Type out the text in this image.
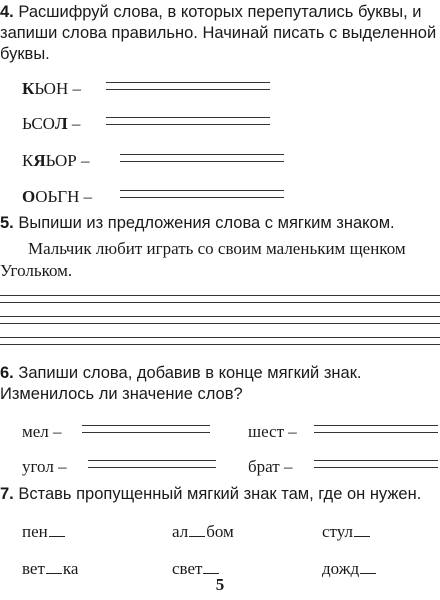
4. Расшифруй слова, в которых перепутались буквы, и запиши слова правильно. Начинай писать с выделенной буквы.
КЬОН –
ЬСОЛ –
КЯЬОР –
ООЬГН –
5. Выпиши из предложения слова с мягким знаком.
Мальчик любит играть со своим маленьким щенком Угольком.
6. Запиши слова, добавив в конце мягкий знак. Изменилось ли значение слов?
мел –	шест –
угол –	брат –
7. Вставь пропущенный мягкий знак там, где он нужен.
пен	ал бом	стул
вет ка	свет	дожд
5
